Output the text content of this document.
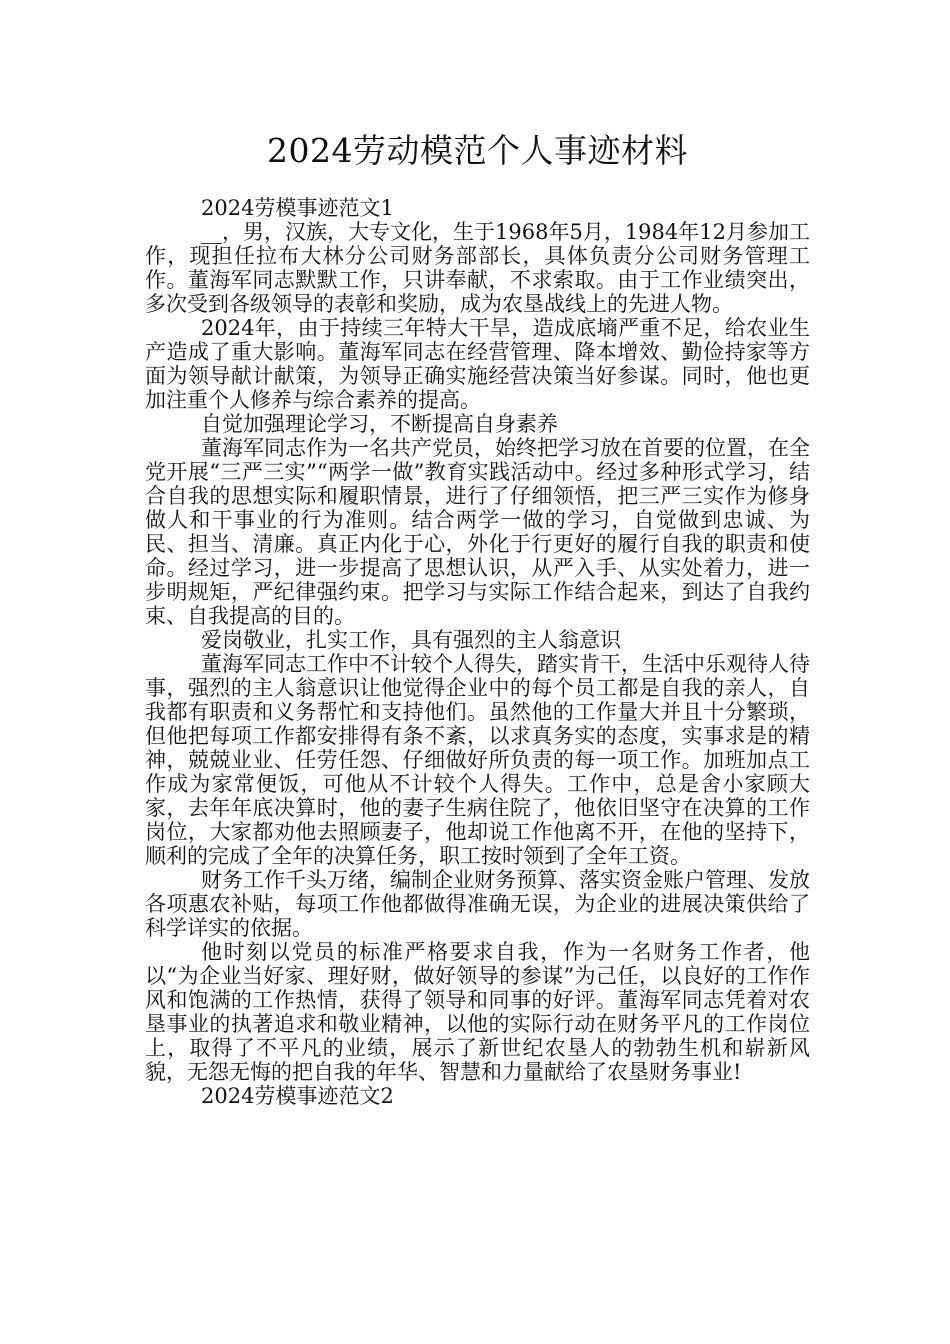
2024劳动模范个人事迹材料

2024劳模事迹范文1

__，男，汉族，大专文化，生于1968年5月，1984年12月参加工作，现担任拉布大林分公司财务部部长，具体负责分公司财务管理工作。董海军同志默默工作，只讲奉献，不求索取。由于工作业绩突出，多次受到各级领导的表彰和奖励，成为农垦战线上的先进人物。

2024年，由于持续三年特大干旱，造成底墒严重不足，给农业生产造成了重大影响。董海军同志在经营管理、降本增效、勤俭持家等方面为领导献计献策，为领导正确实施经营决策当好参谋。同时，他也更加注重个人修养与综合素养的提高。

自觉加强理论学习，不断提高自身素养

董海军同志作为一名共产党员，始终把学习放在首要的位置，在全党开展“三严三实”“两学一做”教育实践活动中。经过多种形式学习，结合自我的思想实际和履职情景，进行了仔细领悟，把三严三实作为修身做人和干事业的行为准则。结合两学一做的学习，自觉做到忠诚、为民、担当、清廉。真正内化于心，外化于行更好的履行自我的职责和使命。经过学习，进一步提高了思想认识，从严入手、从实处着力，进一步明规矩，严纪律强约束。把学习与实际工作结合起来，到达了自我约束、自我提高的目的。

爱岗敬业，扎实工作，具有强烈的主人翁意识

董海军同志工作中不计较个人得失，踏实肯干，生活中乐观待人待事，强烈的主人翁意识让他觉得企业中的每个员工都是自我的亲人，自我都有职责和义务帮忙和支持他们。虽然他的工作量大并且十分繁琐，但他把每项工作都安排得有条不紊，以求真务实的态度，实事求是的精神，兢兢业业、任劳任怨、仔细做好所负责的每一项工作。加班加点工作成为家常便饭，可他从不计较个人得失。工作中，总是舍小家顾大家，去年年底决算时，他的妻子生病住院了，他依旧坚守在决算的工作岗位，大家都劝他去照顾妻子，他却说工作他离不开，在他的坚持下，顺利的完成了全年的决算任务，职工按时领到了全年工资。

财务工作千头万绪，编制企业财务预算、落实资金账户管理、发放各项惠农补贴，每项工作他都做得准确无误，为企业的进展决策供给了科学详实的依据。

他时刻以党员的标准严格要求自我，作为一名财务工作者，他以“为企业当好家、理好财，做好领导的参谋”为己任，以良好的工作作风和饱满的工作热情，获得了领导和同事的好评。董海军同志凭着对农垦事业的执著追求和敬业精神，以他的实际行动在财务平凡的工作岗位上，取得了不平凡的业绩，展示了新世纪农垦人的勃勃生机和崭新风貌，无怨无悔的把自我的年华、智慧和力量献给了农垦财务事业!

2024劳模事迹范文2
